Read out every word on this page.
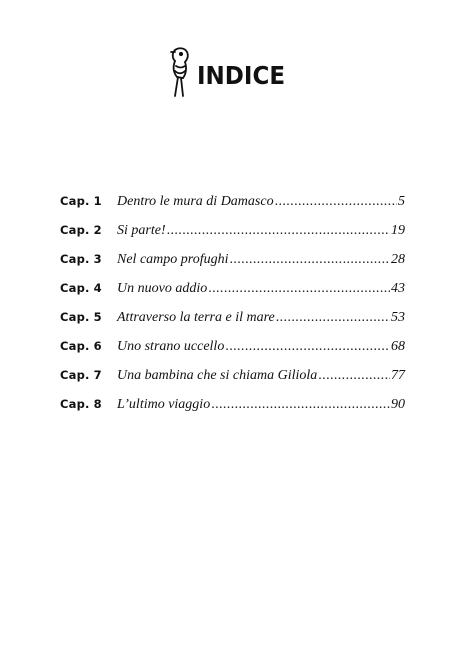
INDICE
Cap. 1	Dentro le mura di Damasco .....	5
Cap. 2	Si parte! .....	19
Cap. 3	Nel campo profughi .....	28
Cap. 4	Un nuovo addio .....	43
Cap. 5	Attraverso la terra e il mare .....	53
Cap. 6	Uno strano uccello .....	68
Cap. 7	Una bambina che si chiama Giliola .....	77
Cap. 8	L’ultimo viaggio .....	90
